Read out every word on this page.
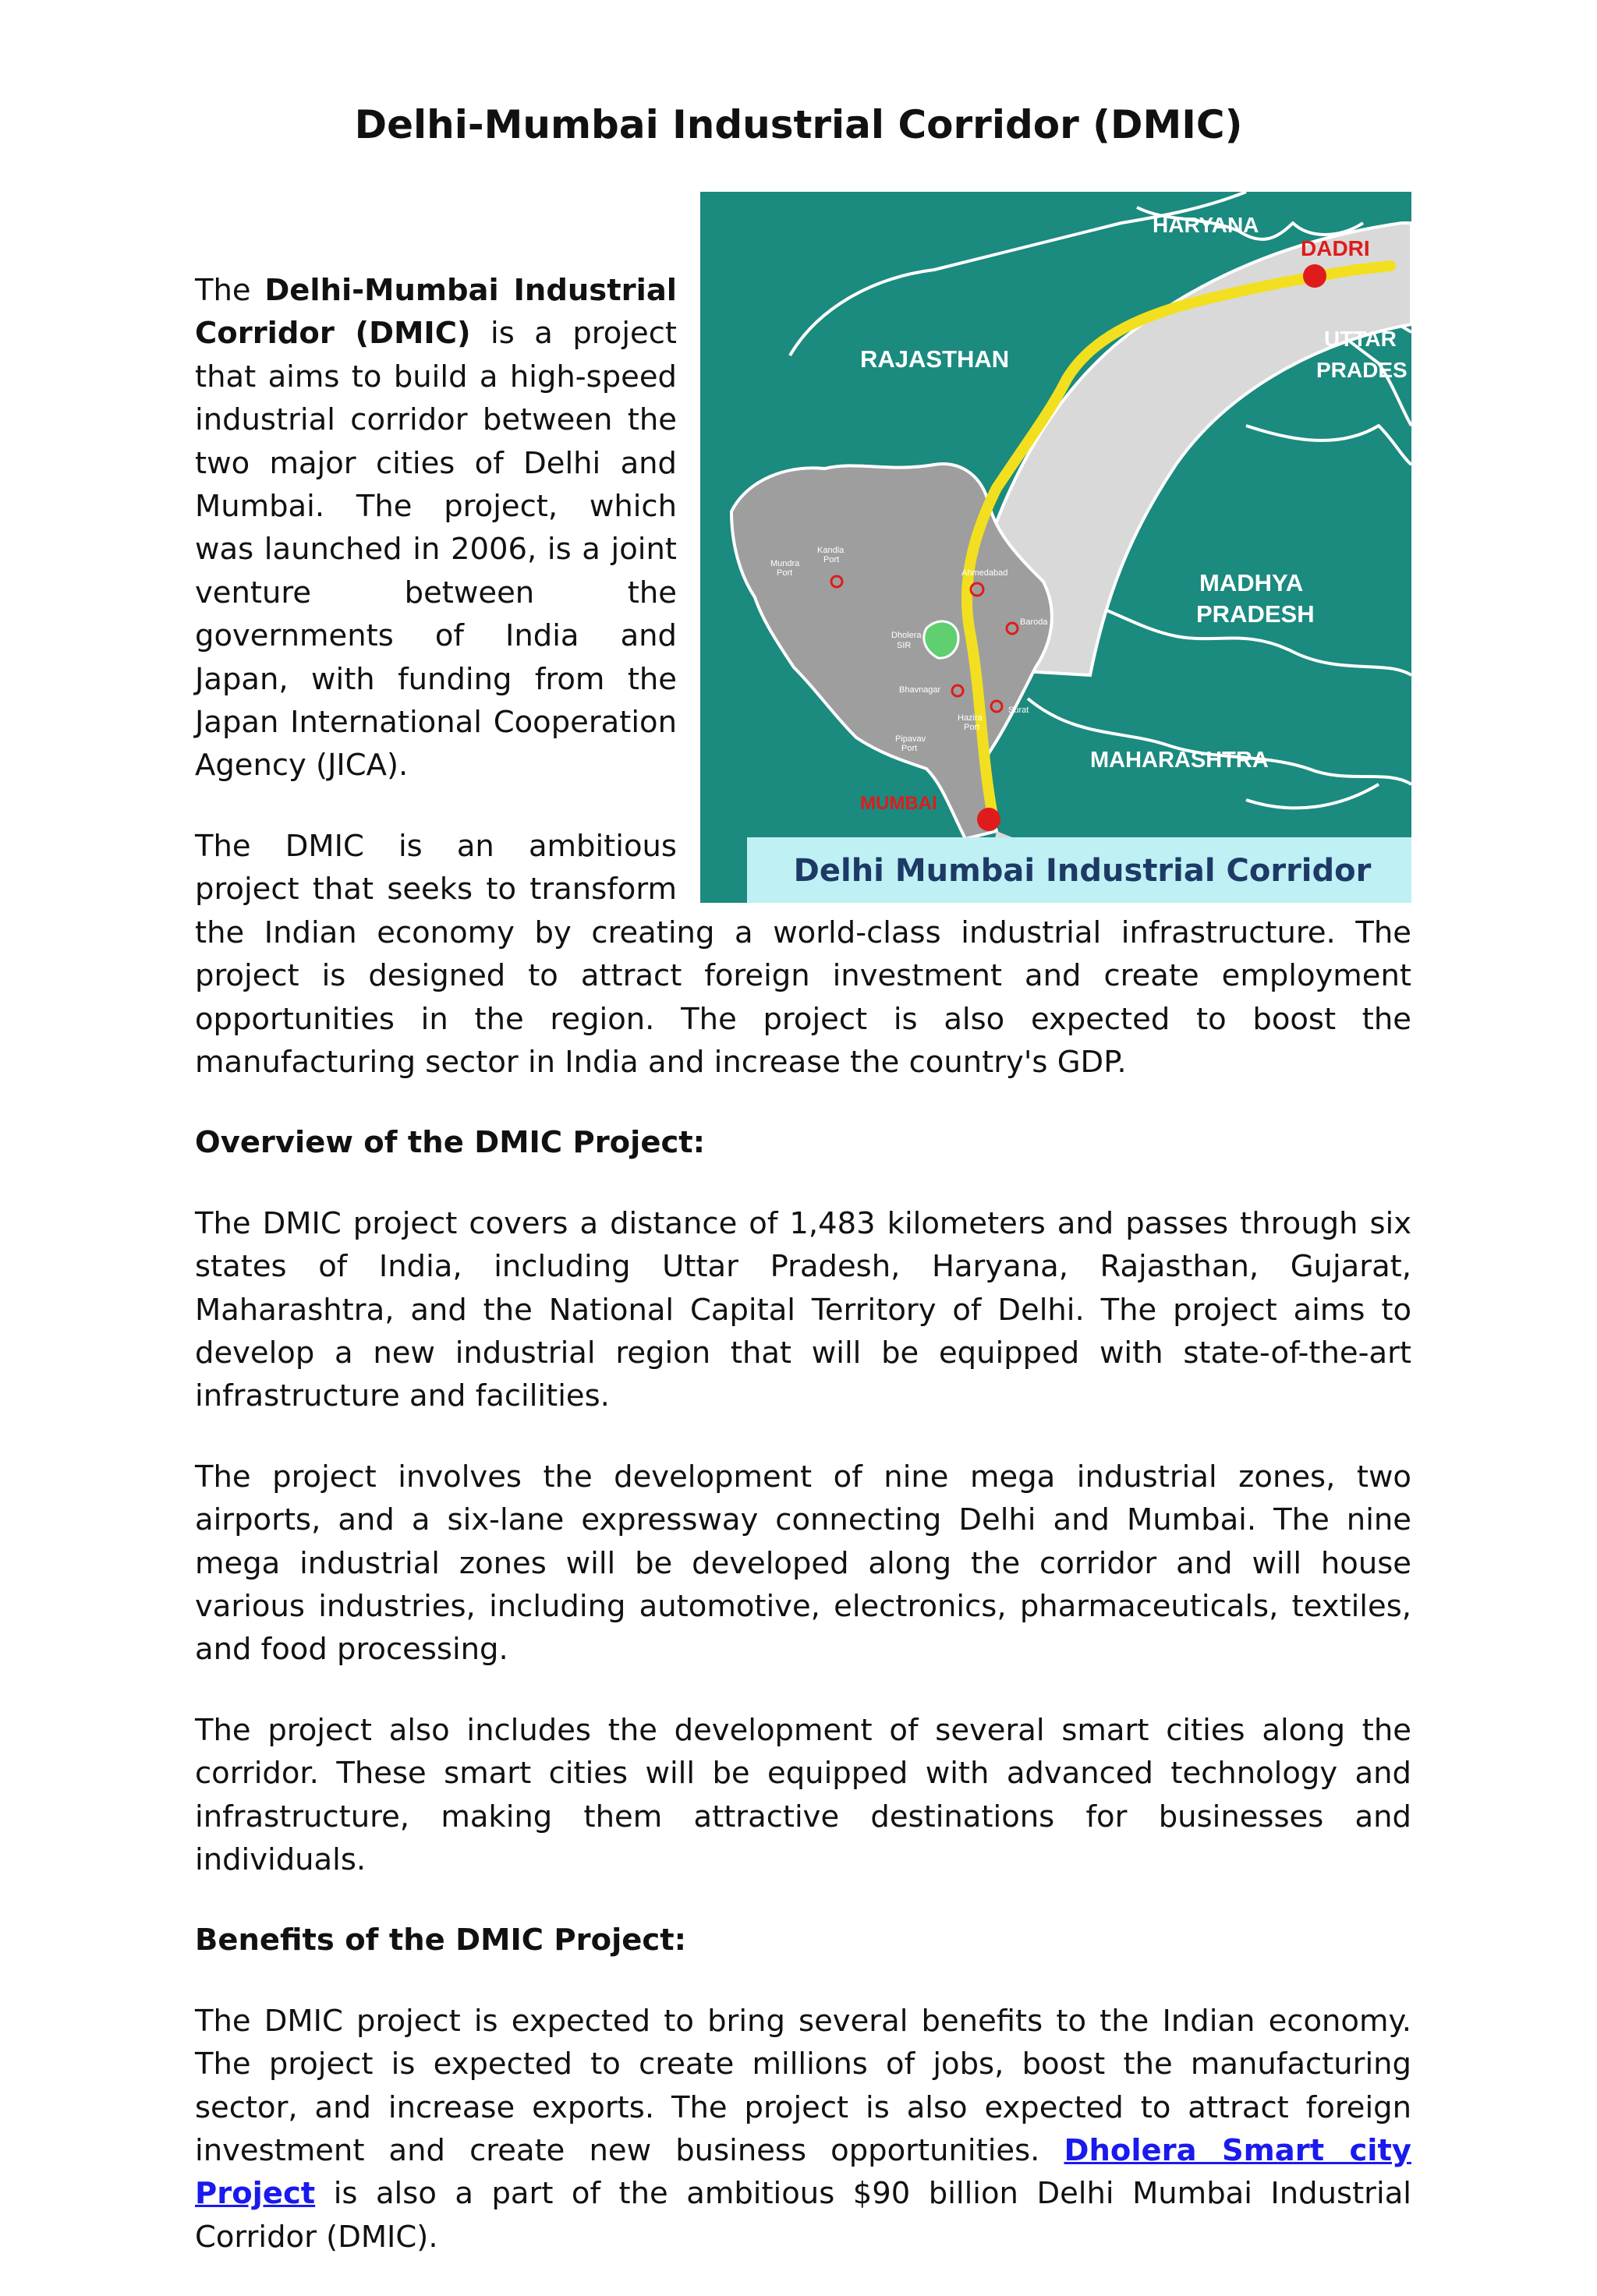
Delhi-Mumbai Industrial Corridor (DMIC)
HARYANA
DADRI
UTTAR
PRADES
RAJASTHAN
MADHYA
PRADESH
MAHARASHTRA
MUMBAI
Ahmedabad
Baroda
Dholera
SIR
Bhavnagar
Surat
Hazira
Port
Pipavav
Port
Mundra
Port
Kandla
Port
Delhi Mumbai Industrial Corridor

The Delhi-Mumbai Industrial Corridor (DMIC) is a project that aims to build a high-speed industrial corridor between the two major cities of Delhi and Mumbai. The project, which was launched in 2006, is a joint venture between the governments of India and Japan, with funding from the Japan International Cooperation Agency (JICA).

The DMIC is an ambitious project that seeks to transform the Indian economy by creating a world-class industrial infrastructure. The project is designed to attract foreign investment and create employment opportunities in the region. The project is also expected to boost the manufacturing sector in India and increase the country's GDP.

Overview of the DMIC Project:

The DMIC project covers a distance of 1,483 kilometers and passes through six states of India, including Uttar Pradesh, Haryana, Rajasthan, Gujarat, Maharashtra, and the National Capital Territory of Delhi. The project aims to develop a new industrial region that will be equipped with state-of-the-art infrastructure and facilities.

The project involves the development of nine mega industrial zones, two airports, and a six-lane expressway connecting Delhi and Mumbai. The nine mega industrial zones will be developed along the corridor and will house various industries, including automotive, electronics, pharmaceuticals, textiles, and food processing.

The project also includes the development of several smart cities along the corridor. These smart cities will be equipped with advanced technology and infrastructure, making them attractive destinations for businesses and individuals.

Benefits of the DMIC Project:

The DMIC project is expected to bring several benefits to the Indian economy. The project is expected to create millions of jobs, boost the manufacturing sector, and increase exports. The project is also expected to attract foreign investment and create new business opportunities. Dholera Smart city Project is also a part of the ambitious $90 billion Delhi Mumbai Industrial Corridor (DMIC).
